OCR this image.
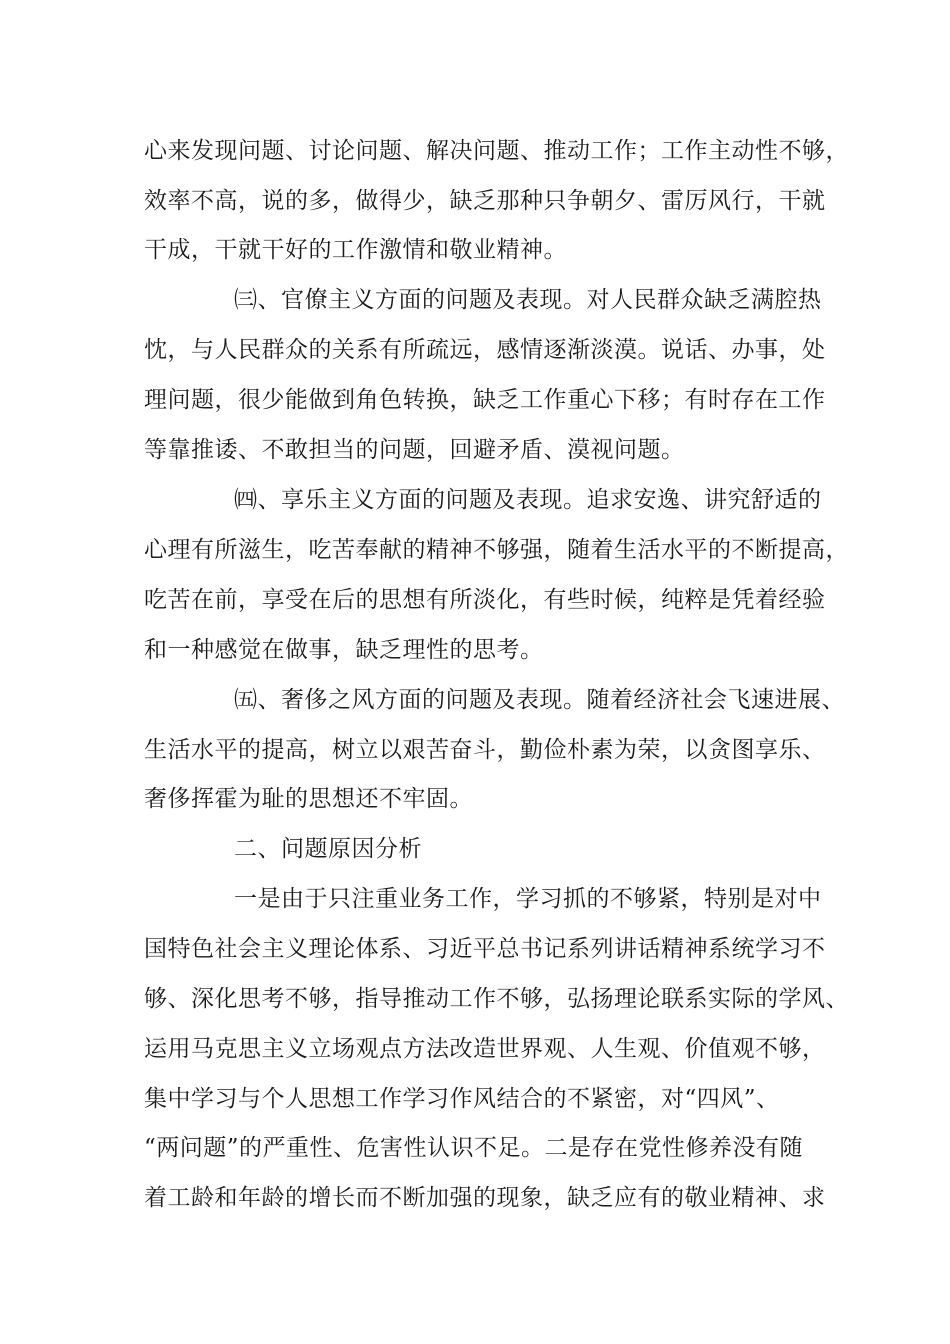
心来发现问题、讨论问题、解决问题、推动工作；工作主动性不够，
效率不高，说的多，做得少，缺乏那种只争朝夕、雷厉风行，干就
干成，干就干好的工作激情和敬业精神。
㈢、官僚主义方面的问题及表现。对人民群众缺乏满腔热
忱，与人民群众的关系有所疏远，感情逐渐淡漠。说话、办事，处
理问题，很少能做到角色转换，缺乏工作重心下移；有时存在工作
等靠推诿、不敢担当的问题，回避矛盾、漠视问题。
㈣、享乐主义方面的问题及表现。追求安逸、讲究舒适的
心理有所滋生，吃苦奉献的精神不够强，随着生活水平的不断提高，
吃苦在前，享受在后的思想有所淡化，有些时候，纯粹是凭着经验
和一种感觉在做事，缺乏理性的思考。
㈤、奢侈之风方面的问题及表现。随着经济社会飞速进展、
生活水平的提高，树立以艰苦奋斗，勤俭朴素为荣，以贪图享乐、
奢侈挥霍为耻的思想还不牢固。
二、问题原因分析
一是由于只注重业务工作，学习抓的不够紧，特别是对中
国特色社会主义理论体系、习近平总书记系列讲话精神系统学习不
够、深化思考不够，指导推动工作不够，弘扬理论联系实际的学风、
运用马克思主义立场观点方法改造世界观、人生观、价值观不够，
集中学习与个人思想工作学习作风结合的不紧密，对“四风”、
“两问题”的严重性、危害性认识不足。二是存在党性修养没有随
着工龄和年龄的增长而不断加强的现象，缺乏应有的敬业精神、求
